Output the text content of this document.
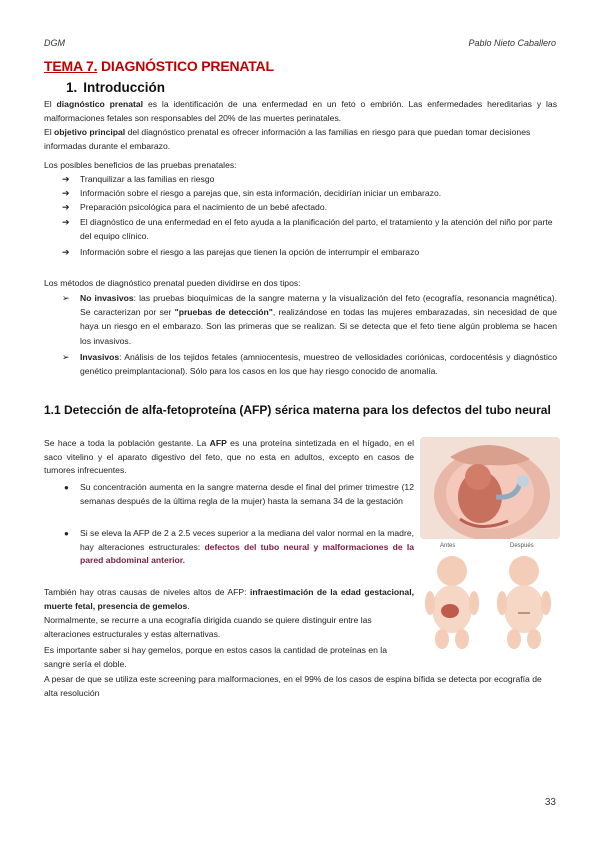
DGM	Pablo Nieto Caballero
TEMA 7. DIAGNÓSTICO PRENATAL
1. Introducción
El diagnóstico prenatal es la identificación de una enfermedad en un feto o embrión. Las enfermedades hereditarias y las malformaciones fetales son responsables del 20% de las muertes perinatales.
El objetivo principal del diagnóstico prenatal es ofrecer información a las familias en riesgo para que puedan tomar decisiones informadas durante el embarazo.
Los posibles beneficios de las pruebas prenatales:
➔ Tranquilizar a las familias en riesgo
➔ Información sobre el riesgo a parejas que, sin esta información, decidirían iniciar un embarazo.
➔ Preparación psicológica para el nacimiento de un bebé afectado.
➔ El diagnóstico de una enfermedad en el feto ayuda a la planificación del parto, el tratamiento y la atención del niño por parte del equipo clínico.
➔ Información sobre el riesgo a las parejas que tienen la opción de interrumpir el embarazo
Los métodos de diagnóstico prenatal pueden dividirse en dos tipos:
➢ No invasivos: las pruebas bioquímicas de la sangre materna y la visualización del feto (ecografía, resonancia magnética). Se caracterizan por ser "pruebas de detección", realizándose en todas las mujeres embarazadas, sin necesidad de que haya un riesgo en el embarazo. Son las primeras que se realizan. Si se detecta que el feto tiene algún problema se hacen los invasivos.
➢ Invasivos: Análisis de los tejidos fetales (amniocentesis, muestreo de vellosidades coriónicas, cordocentésis y diagnóstico genético preimplantacional). Sólo para los casos en los que hay riesgo conocido de anomalía.
1.1 Detección de alfa-fetoproteína (AFP) sérica materna para los defectos del tubo neural
Se hace a toda la población gestante. La AFP es una proteína sintetizada en el hígado, en el saco vitelino y el aparato digestivo del feto, que no esta en adultos, excepto en casos de tumores infrecuentes.
● Su concentración aumenta en la sangre materna desde el final del primer trimestre (12 semanas después de la última regla de la mujer) hasta la semana 34 de la gestación
● Si se eleva la AFP de 2 a 2.5 veces superior a la mediana del valor normal en la madre, hay alteraciones estructurales: defectos del tubo neural y malformaciones de la pared abdominal anterior.
También hay otras causas de niveles altos de AFP: infraestimación de la edad gestacional, muerte fetal, presencia de gemelos.
Normalmente, se recurre a una ecografía dirigida cuando se quiere distinguir entre las alteraciones estructurales y estas alternativas.
Es importante saber si hay gemelos, porque en estos casos la cantidad de proteínas en la sangre sería el doble.
A pesar de que se utiliza este screening para malformaciones, en el 99% de los casos de espina bífida se detecta por ecografía de alta resolución
Antes	Después
33
